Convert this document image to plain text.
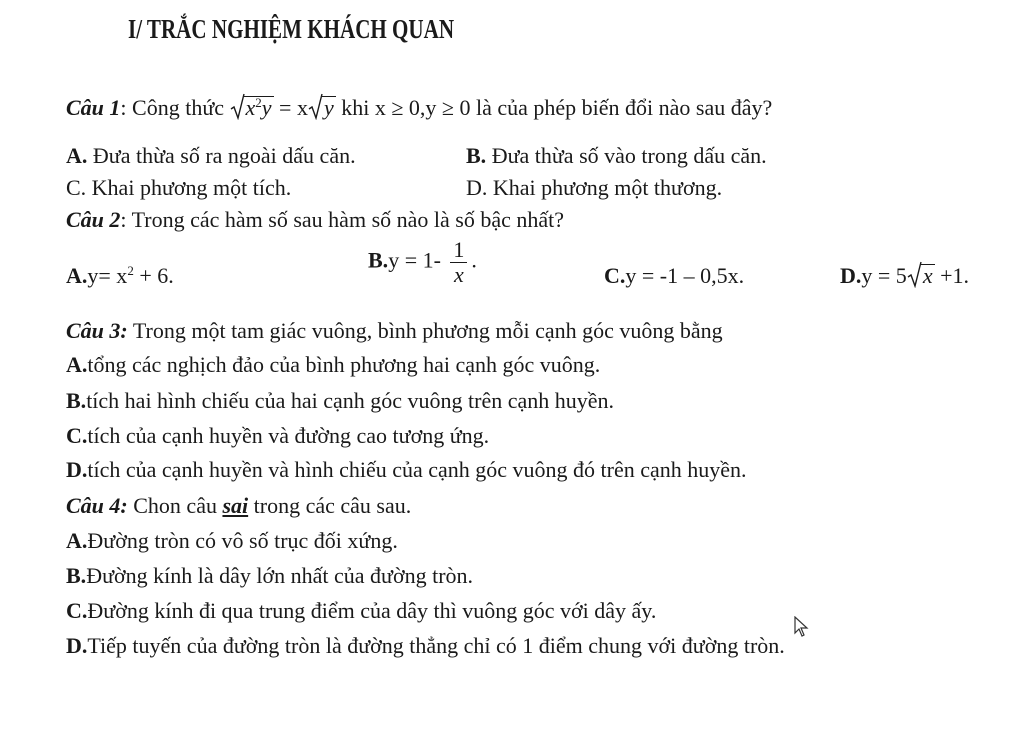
I/ TRẮC NGHIỆM KHÁCH QUAN
Câu 1: Công thức
$x^2y = x$ y khi x ≥ 0,y ≥ 0 là của phép biến đổi nào sau đây?
A. Đưa thừa số ra ngoài dấu căn.	B. Đưa thừa số vào trong dấu căn.
C. Khai phương một tích.	D. Khai phương một thương.
Câu 2: Trong các hàm số sau hàm số nào là số bậc nhất?
$A.y= x^2 + 6$.
$B.y = 1- \frac{1}{x}$ .
C.y = -1 – 0,5x.	D.y = 5 x +1.
Câu 3: Trong một tam giác vuông, bình phương mỗi cạnh góc vuông bằng
A.tổng các nghịch đảo của bình phương hai cạnh góc vuông.
B.tích hai hình chiếu của hai cạnh góc vuông trên cạnh huyền.
C.tích của cạnh huyền và đường cao tương ứng.
D.tích của cạnh huyền và hình chiếu của cạnh góc vuông đó trên cạnh huyền.
Câu 4: Chon câu sai trong các câu sau.
A.Đường tròn có vô số trục đối xứng.
B.Đường kính là dây lớn nhất của đường tròn.
C.Đường kính đi qua trung điểm của dây thì vuông góc với dây ấy.
D.Tiếp tuyến của đường tròn là đường thẳng chỉ có 1 điểm chung với đường tròn.
